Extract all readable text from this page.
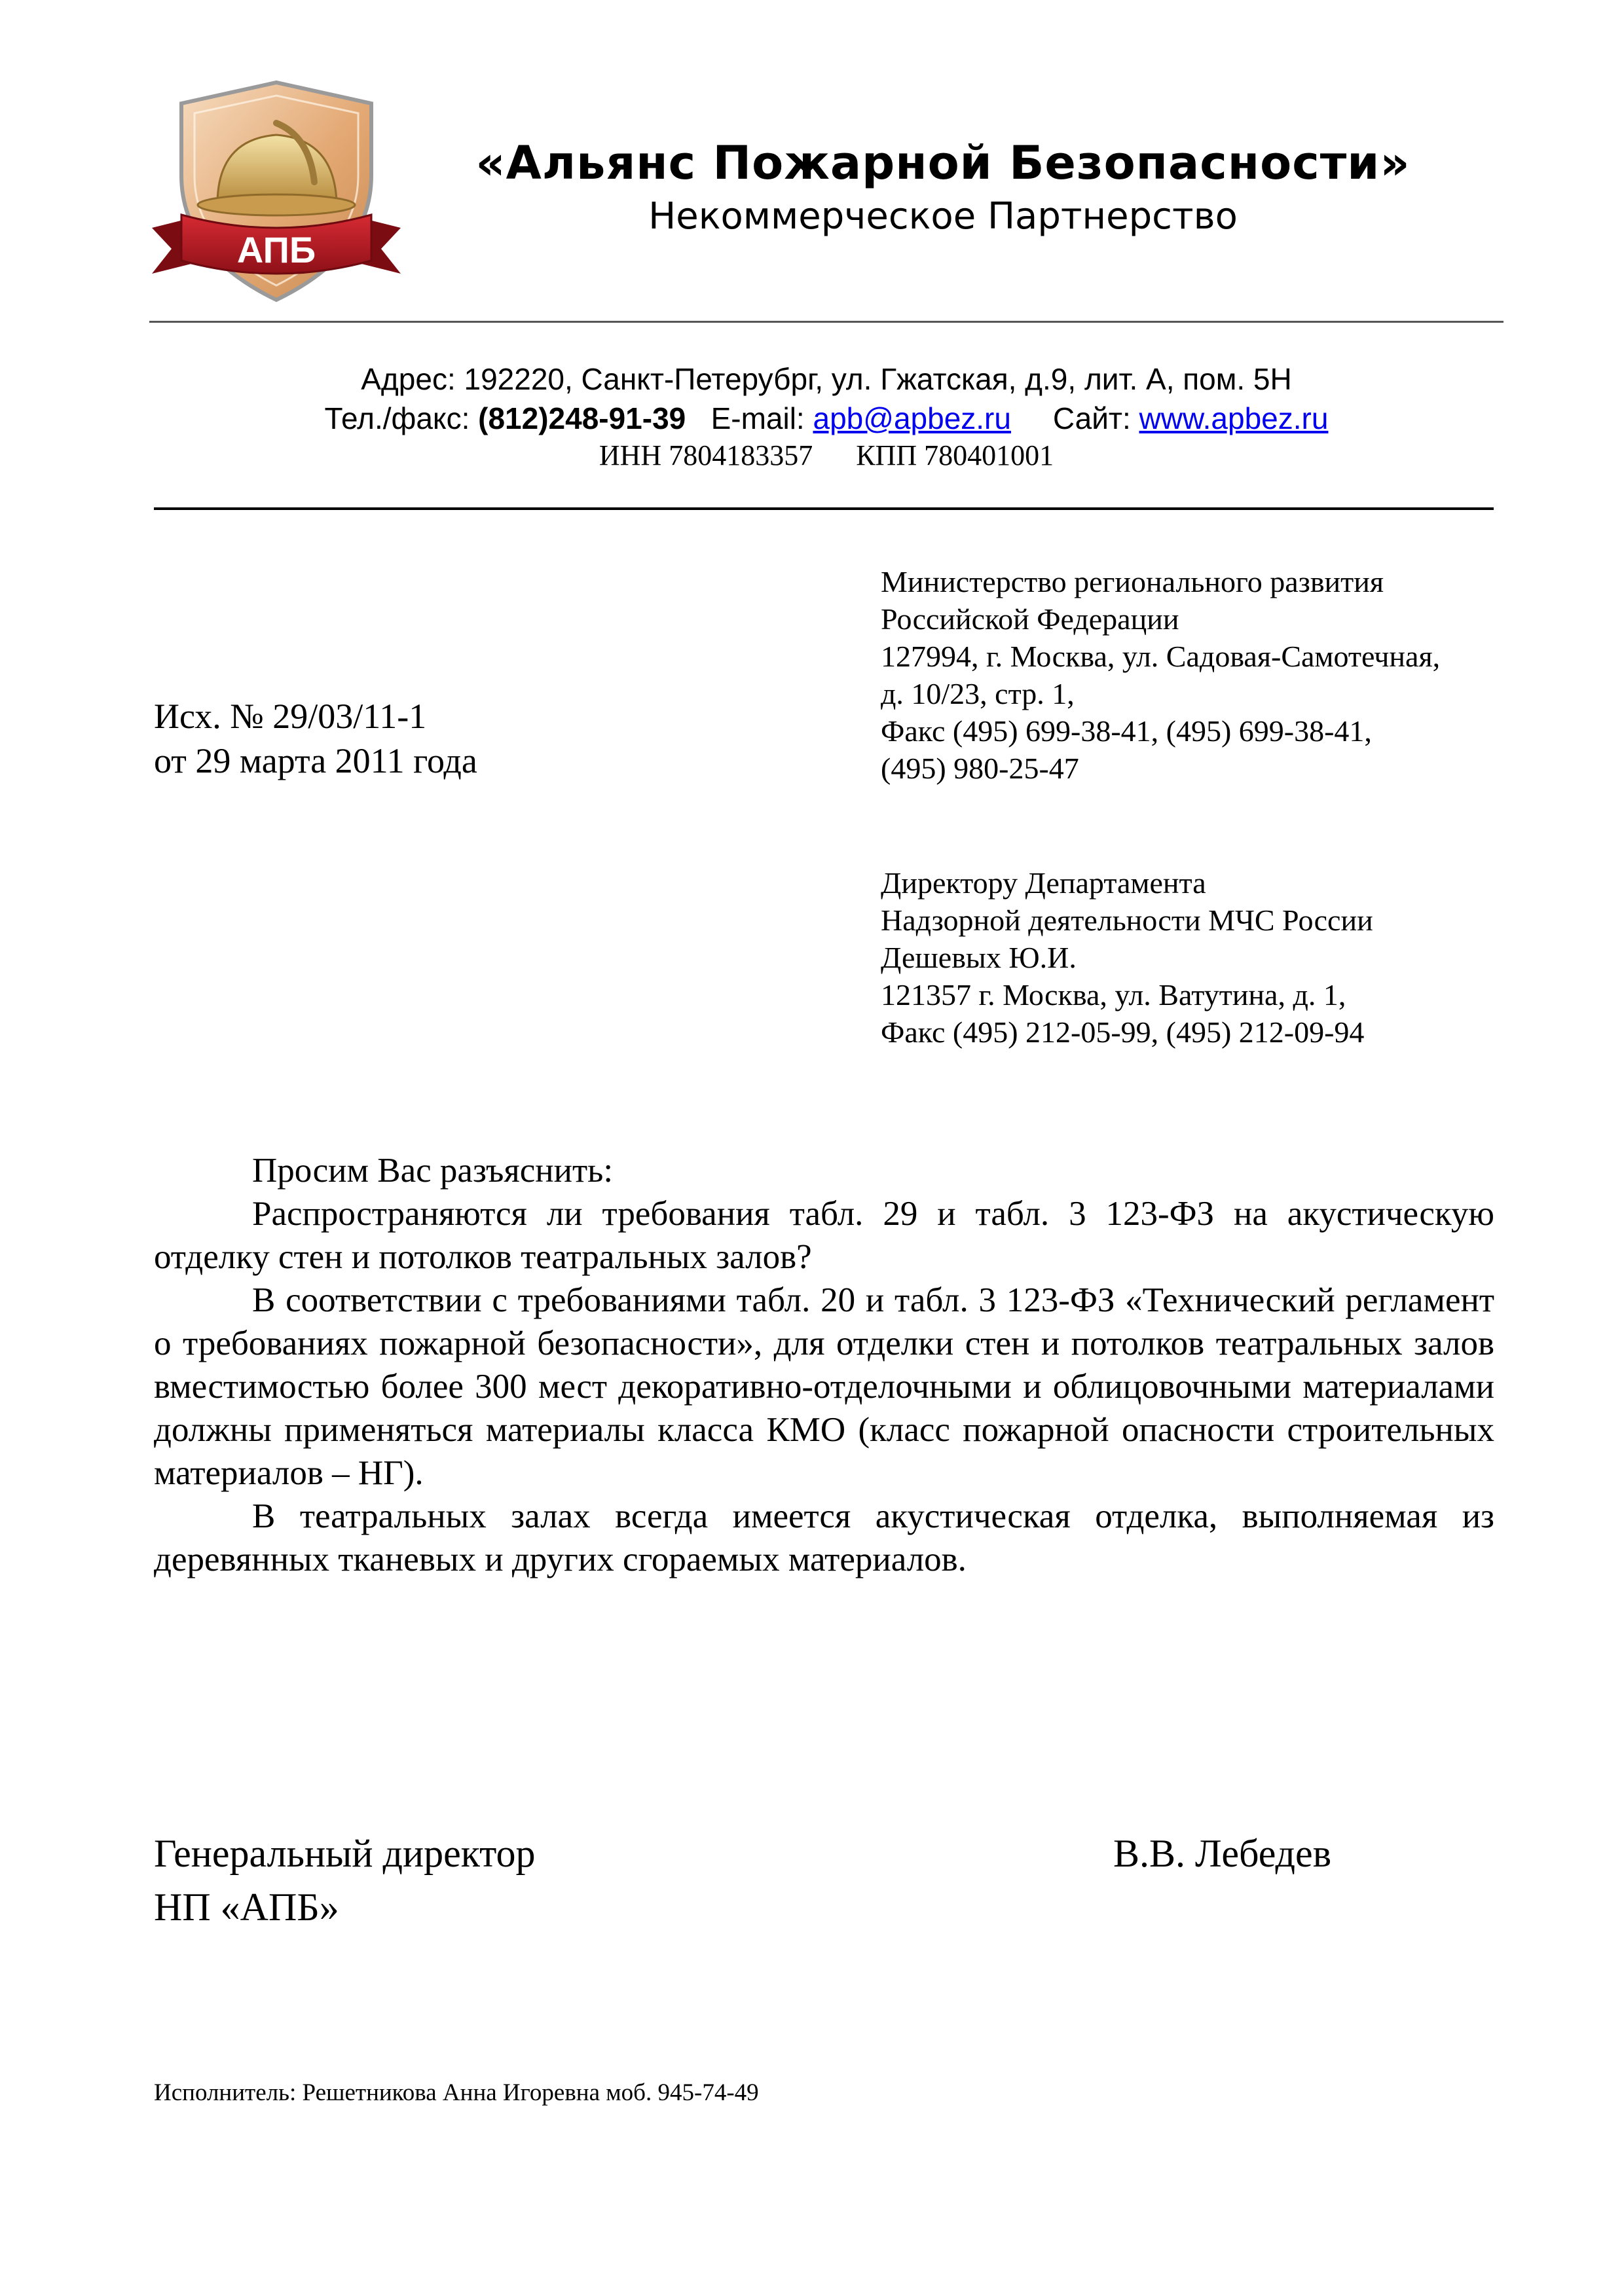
АПБ
«Альянс Пожарной Безопасности»
Некоммерческое Партнерство
Адрес: 192220, Санкт-Петерубрг, ул. Гжатская, д.9, лит. А, пом. 5Н
Тел./факс: (812)248-91-39 E-mail: apb@apbez.ru Сайт: www.apbez.ru
ИНН 7804183357 КПП 780401001
Исх. № 29/03/11-1
от 29 марта 2011 года
Министерство регионального развития
Российской Федерации
127994, г. Москва, ул. Садовая-Самотечная,
д. 10/23, стр. 1,
Факс (495) 699-38-41, (495) 699-38-41,
(495) 980-25-47
Директору Департамента
Надзорной деятельности МЧС России
Дешевых Ю.И.
121357 г. Москва, ул. Ватутина, д. 1,
Факс (495) 212-05-99, (495) 212-09-94

Просим Вас разъяснить:

Распространяются ли требования табл. 29 и табл. 3 123-ФЗ на акустическую отделку стен и потолков театральных залов?

В соответствии с требованиями табл. 20 и табл. 3 123-ФЗ «Технический регламент о требованиях пожарной безопасности», для отделки стен и потолков театральных залов вместимостью более 300 мест декоративно-отделочными и облицовочными материалами должны применяться материалы класса КМО (класс пожарной опасности строительных материалов – НГ).

В театральных залах всегда имеется акустическая отделка, выполняемая из деревянных тканевых и других сгораемых материалов.

Генеральный директор
НП «АПБ»
В.В. Лебедев
Исполнитель: Решетникова Анна Игоревна моб. 945-74-49
